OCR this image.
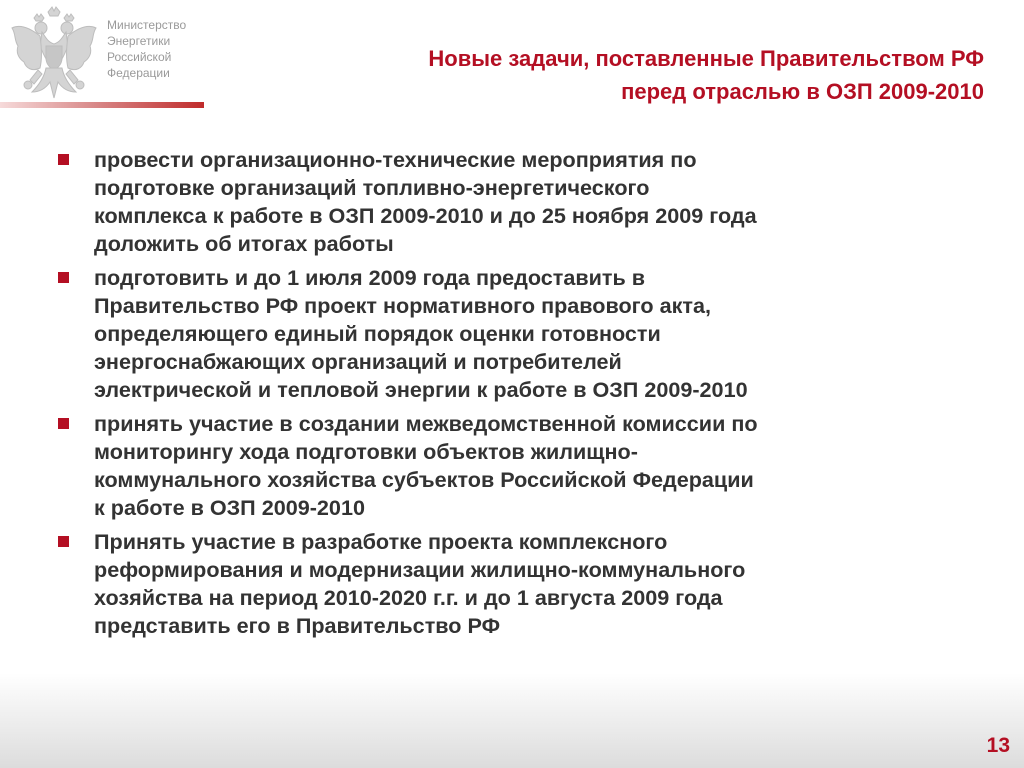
Министерство
Энергетики
Российской
Федерации
Новые задачи, поставленные Правительством РФ
перед отраслью в ОЗП 2009-2010
провести организационно-технические мероприятия по
подготовке организаций топливно-энергетического
комплекса к работе в ОЗП 2009-2010 и до 25 ноября 2009 года
доложить об итогах работы
подготовить и до 1 июля 2009 года предоставить в
Правительство РФ проект нормативного правового акта,
определяющего единый порядок оценки готовности
энергоснабжающих организаций и потребителей
электрической и тепловой энергии к работе в ОЗП 2009-2010
принять участие в создании межведомственной комиссии по
мониторингу хода подготовки объектов жилищно-
коммунального хозяйства субъектов Российской Федерации
к работе в ОЗП 2009-2010
Принять участие в разработке проекта комплексного
реформирования и модернизации жилищно-коммунального
хозяйства на период 2010-2020 г.г. и до 1 августа 2009 года
представить его в Правительство РФ
13
